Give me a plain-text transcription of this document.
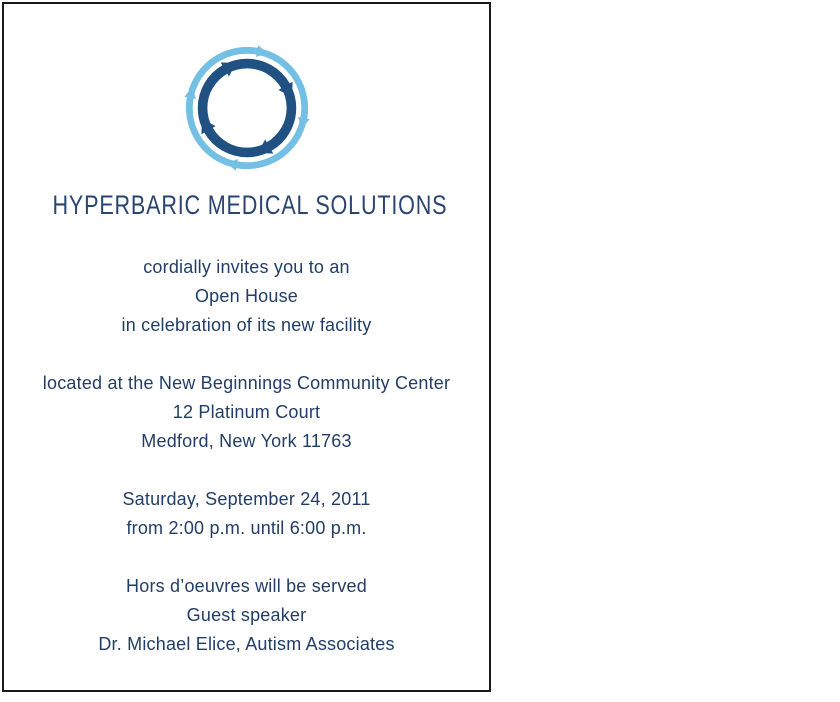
HYPERBARIC MEDICAL SOLUTIONS
cordially invites you to an
Open House
in celebration of its new facility
located at the New Beginnings Community Center
12 Platinum Court
Medford, New York 11763
Saturday, September 24, 2011
from 2:00 p.m. until 6:00 p.m.
Hors d’oeuvres will be served
Guest speaker
Dr. Michael Elice, Autism Associates
